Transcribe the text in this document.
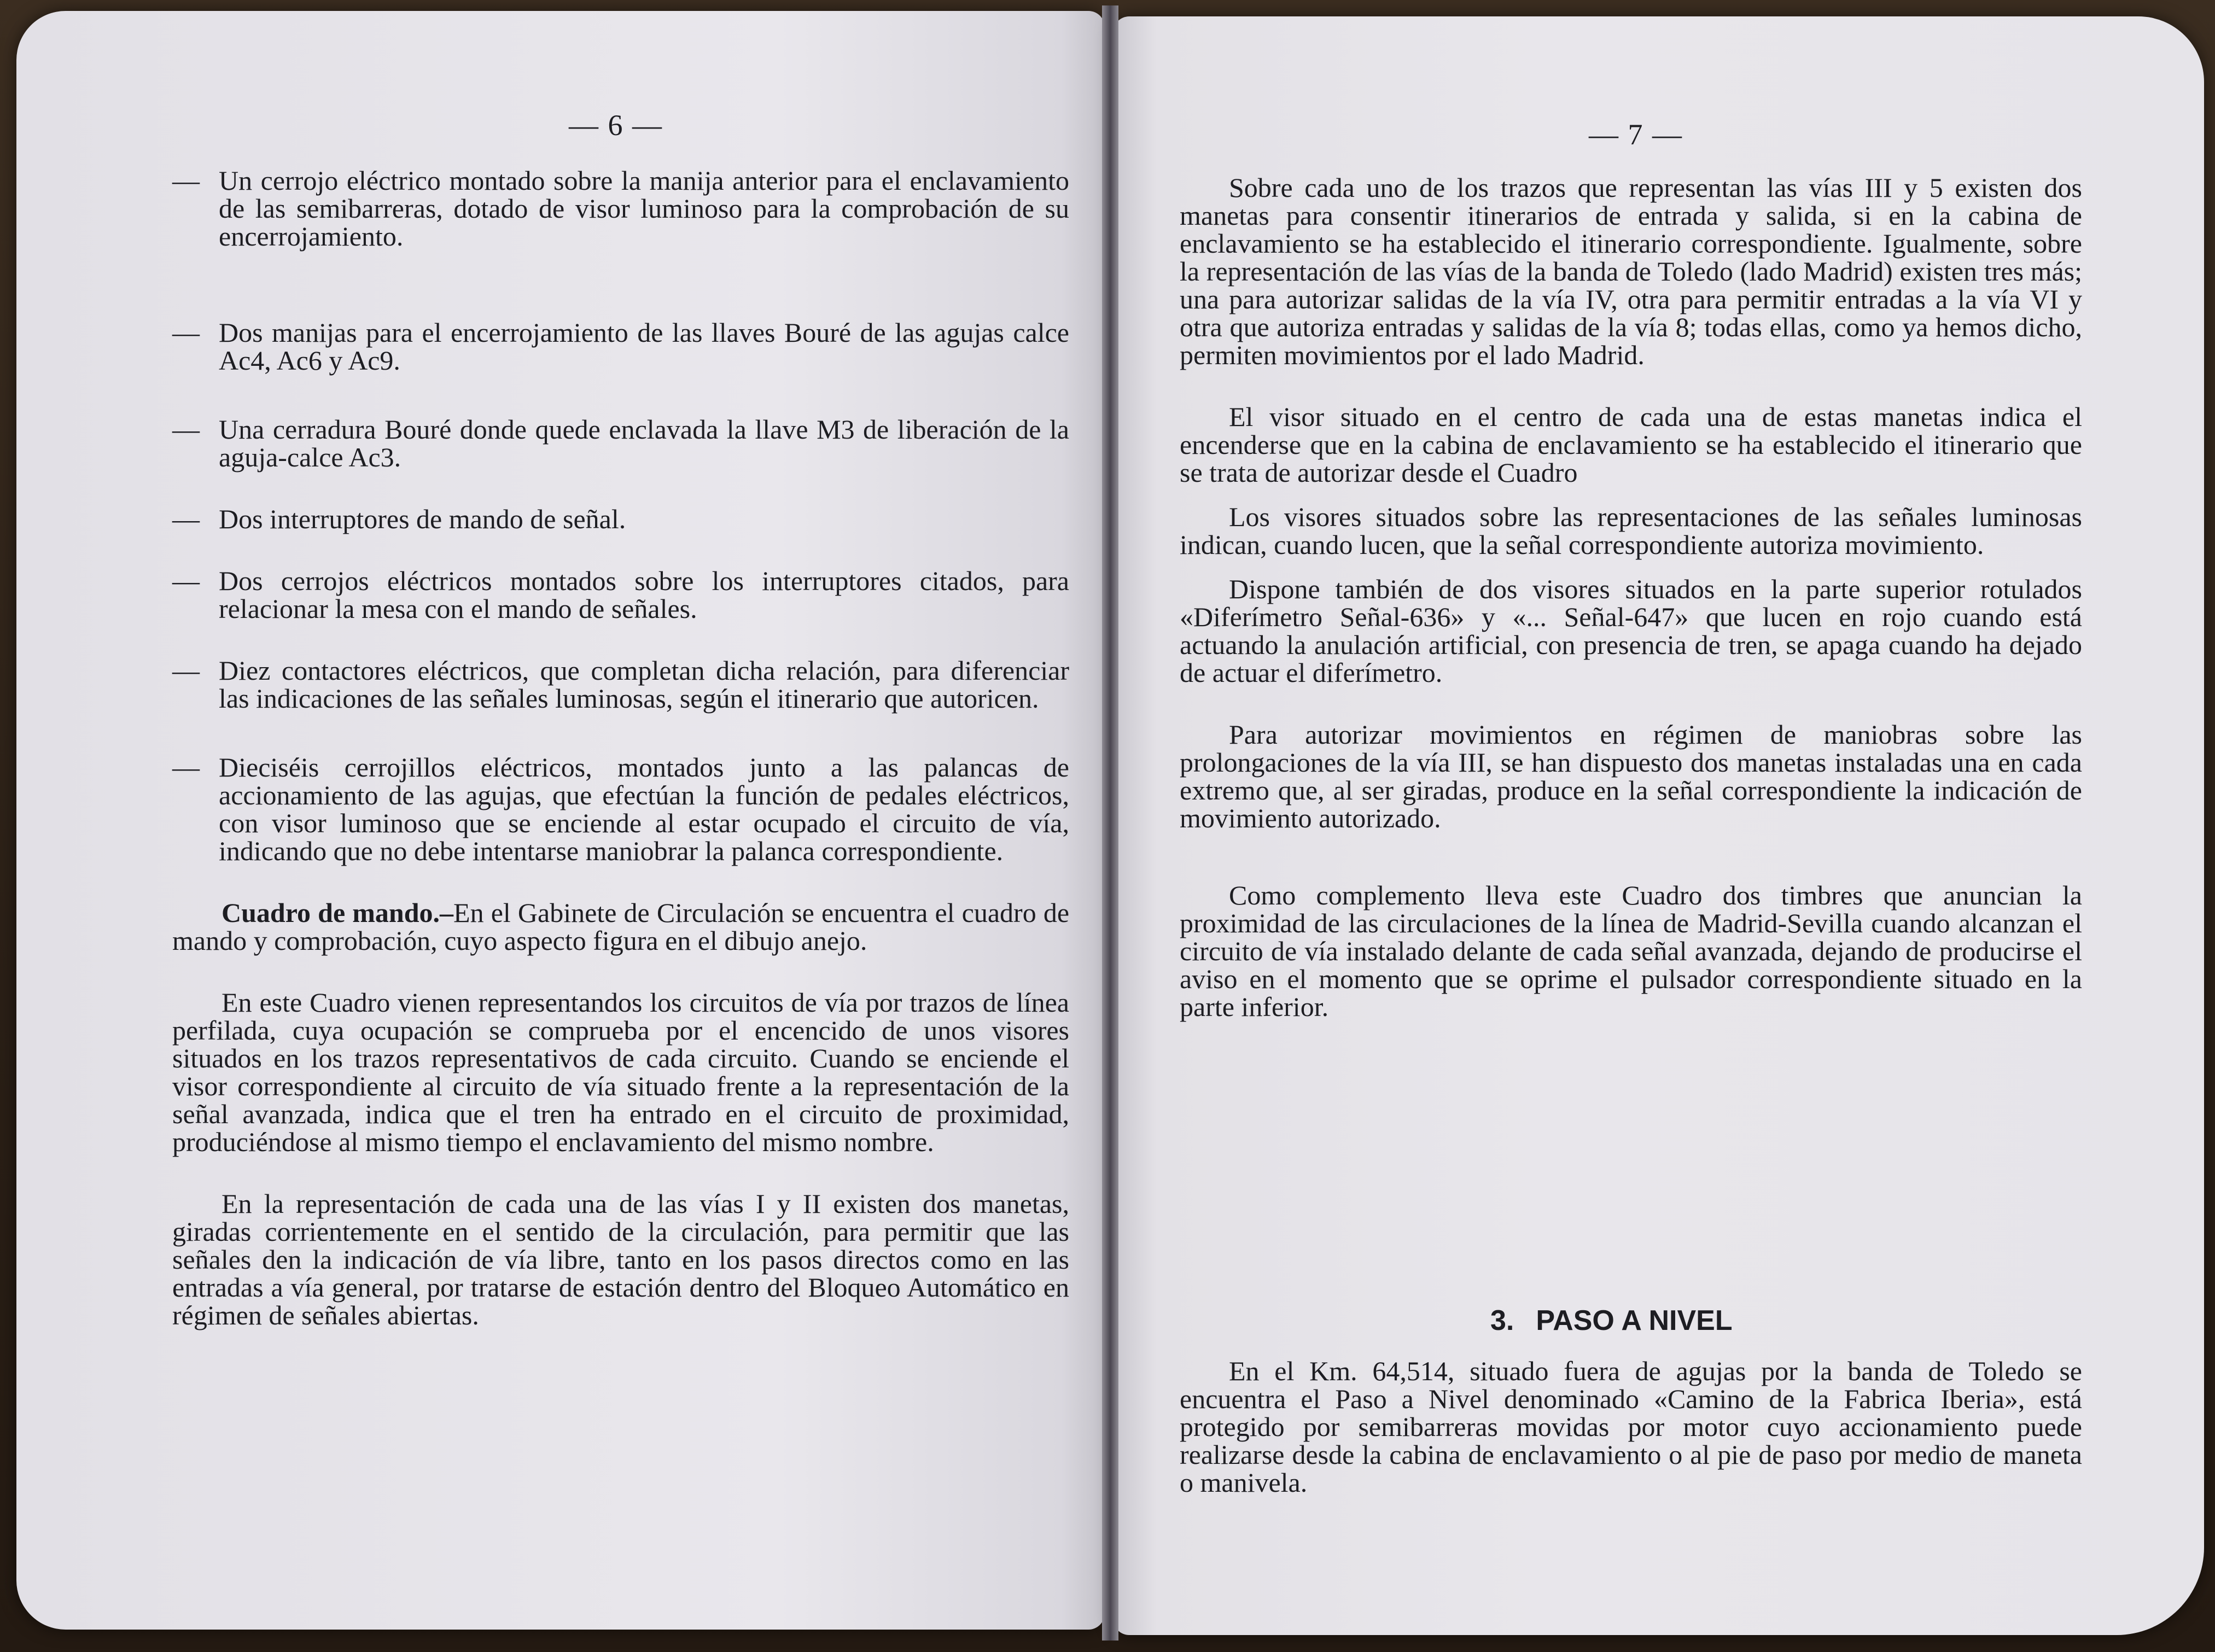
— 6 —
— Un cerrojo eléctrico montado sobre la manija anterior para el enclavamiento de las semibarreras, dotado de visor luminoso para la comprobación de su encerrojamiento.
— Dos manijas para el encerrojamiento de las llaves Bouré de las agujas calce Ac4, Ac6 y Ac9.
— Una cerradura Bouré donde quede enclavada la llave M3 de liberación de la aguja-calce Ac3.
— Dos interruptores de mando de señal.
— Dos cerrojos eléctricos montados sobre los interruptores citados, para relacionar la mesa con el mando de señales.
— Diez contactores eléctricos, que completan dicha relación, para diferenciar las indicaciones de las señales luminosas, según el itinerario que autoricen.
— Dieciséis cerrojillos eléctricos, montados junto a las palancas de accionamiento de las agujas, que efectúan la función de pedales eléctricos, con visor luminoso que se enciende al estar ocupado el circuito de vía, indicando que no debe intentarse maniobrar la palanca correspondiente.

Cuadro de mando.–En el Gabinete de Circulación se encuentra el cuadro de mando y comprobación, cuyo aspecto figura en el dibujo anejo.

En este Cuadro vienen representandos los circuitos de vía por trazos de línea perfilada, cuya ocupación se comprueba por el encencido de unos visores situados en los trazos representativos de cada circuito. Cuando se enciende el visor correspondiente al circuito de vía situado frente a la representación de la señal avanzada, indica que el tren ha entrado en el circuito de proximidad, produciéndose al mismo tiempo el enclavamiento del mismo nombre.

En la representación de cada una de las vías I y II existen dos manetas, giradas corrientemente en el sentido de la circulación, para permitir que las señales den la indicación de vía libre, tanto en los pasos directos como en las entradas a vía general, por tratarse de estación dentro del Bloqueo Automático en régimen de señales abiertas.

— 7 —

Sobre cada uno de los trazos que representan las vías III y 5 existen dos manetas para consentir itinerarios de entrada y salida, si en la cabina de enclavamiento se ha establecido el itinerario correspondiente. Igualmente, sobre la representación de las vías de la banda de Toledo (lado Madrid) existen tres más; una para autorizar salidas de la vía IV, otra para permitir entradas a la vía VI y otra que autoriza entradas y salidas de la vía 8; todas ellas, como ya hemos dicho, permiten movimientos por el lado Madrid.

El visor situado en el centro de cada una de estas manetas indica el encenderse que en la cabina de enclavamiento se ha establecido el itinerario que se trata de autorizar desde el Cuadro

Los visores situados sobre las representaciones de las señales luminosas indican, cuando lucen, que la señal correspondiente autoriza movimiento.

Dispone también de dos visores situados en la parte superior rotulados «Diferímetro Señal-636» y «... Señal-647» que lucen en rojo cuando está actuando la anulación artificial, con presencia de tren, se apaga cuando ha dejado de actuar el diferímetro.

Para autorizar movimientos en régimen de maniobras sobre las prolongaciones de la vía III, se han dispuesto dos manetas instaladas una en cada extremo que, al ser giradas, produce en la señal correspondiente la indicación de movimiento autorizado.

Como complemento lleva este Cuadro dos timbres que anuncian la proximidad de las circulaciones de la línea de Madrid-Sevilla cuando alcanzan el circuito de vía instalado delante de cada señal avanzada, dejando de producirse el aviso en el momento que se oprime el pulsador correspondiente situado en la parte inferior.

3. PASO A NIVEL

En el Km. 64,514, situado fuera de agujas por la banda de Toledo se encuentra el Paso a Nivel denominado «Camino de la Fabrica Iberia», está protegido por semibarreras movidas por motor cuyo accionamiento puede realizarse desde la cabina de enclavamiento o al pie de paso por medio de maneta o manivela.
